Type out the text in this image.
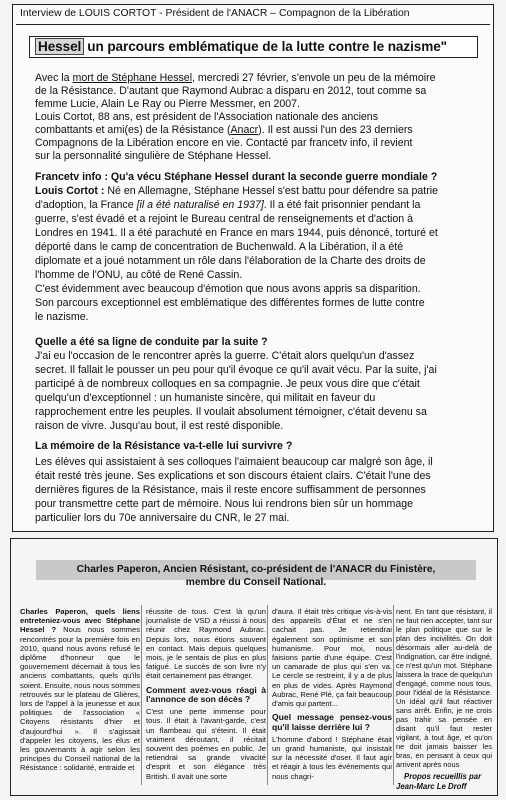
Interview de LOUIS CORTOT - Président de l'ANACR – Compagnon de la Libération
Hessel un parcours emblématique de la lutte contre le nazisme"
Avec la mort de Stéphane Hessel, mercredi 27 février, s'envole un peu de la mémoire
de la Résistance. D'autant que Raymond Aubrac a disparu en 2012, tout comme sa
femme Lucie, Alain Le Ray ou Pierre Messmer, en 2007.
Louis Cortot, 88 ans, est président de l'Association nationale des anciens
combattants et ami(es) de la Résistance (Anacr). Il est aussi l'un des 23 derniers
Compagnons de la Libération encore en vie. Contacté par francetv info, il revient
sur la personnalité singulière de Stéphane Hessel.
Francetv info : Qu'a vécu Stéphane Hessel durant la seconde guerre mondiale ?
Louis Cortot : Né en Allemagne, Stéphane Hessel s'est battu pour défendre sa patrie
d'adoption, la France [il a été naturalisé en 1937]. Il a été fait prisonnier pendant la
guerre, s'est évadé et a rejoint le Bureau central de renseignements et d'action à
Londres en 1941. Il a été parachuté en France en mars 1944, puis dénoncé, torturé et
déporté dans le camp de concentration de Buchenwald. A la Libération, il a été
diplomate et a joué notamment un rôle dans l'élaboration de la Charte des droits de
l'homme de l'ONU, au côté de René Cassin.
C'est évidemment avec beaucoup d'émotion que nous avons appris sa disparition.
Son parcours exceptionnel est emblématique des différentes formes de lutte contre
le nazisme.
Quelle a été sa ligne de conduite par la suite ?
J'ai eu l'occasion de le rencontrer après la guerre. C'était alors quelqu'un d'assez
secret. Il fallait le pousser un peu pour qu'il évoque ce qu'il avait vécu. Par la suite, j'ai
participé à de nombreux colloques en sa compagnie. Je peux vous dire que c'était
quelqu'un d'exceptionnel : un humaniste sincère, qui militait en faveur du
rapprochement entre les peuples. Il voulait absolument témoigner, c'était devenu sa
raison de vivre. Jusqu'au bout, il est resté disponible.
La mémoire de la Résistance va-t-elle lui survivre ?
Les élèves qui assistaient à ses colloques l'aimaient beaucoup car malgré son âge, il
était resté très jeune. Ses explications et son discours étaient clairs. C'était l'une des
dernières figures de la Résistance, mais il reste encore suffisamment de personnes
pour transmettre cette part de mémoire. Nous lui rendrons bien sûr un hommage
particulier lors du 70e anniversaire du CNR, le 27 mai.
Charles Paperon, Ancien Résistant, co-président de l'ANACR du Finistère,
membre du Conseil National.
Charles Paperon, quels liens entreteniez-vous avec Stéphane Hessel ? Nous nous sommes rencontrés pour la première fois en 2010, quand nous avons refusé le diplôme d'honneur que le gouvernement décernait à tous les anciens combattants, quels qu'ils soient. Ensuite, nous nous sommes retrouvés sur le plateau de Glières, lors de l'appel à la jeunesse et aux politiques de l'association « Citoyens résistants d'hier et d'aujourd'hui ». Il s'agissait d'appeler les citoyens, les élus et les gouvernants à agir selon les principes du Conseil national de la Résistance : solidarité, entraide et
réussite de tous. C'est là qu'un journaliste de VSD a réussi à nous réunir chez Raymond Aubrac. Depuis lors, nous étions souvent en contact. Mais depuis quelques mois, je le sentais de plus en plus fatigué. Le succès de son livre n'y était certainement pas étranger.
Comment avez-vous réagi à l'annonce de son décès ?
C'est une perte immense pour tous. Il était à l'avant-garde, c'est un flambeau qui s'éteint. Il était vraiment déroutant, il récitait souvent des poèmes en public. Je retiendrai sa grande vivacité d'esprit et son élégance très British. Il avait une sorte
d'aura. Il était très critique vis-à-vis des appareils d'État et ne s'en cachait pas. Je retiendrai également son optimisme et son humanisme. Pour moi, nous faisions partie d'une équipe. C'est un camarade de plus qui s'en va. Le cercle se restreint, il y a de plus en plus de vides. Après Raymond Aubrac, René Plé, ça fait beaucoup d'amis qui partent...
Quel message pensez-vous qu'il laisse derrière lui ?
L'homme d'abord ! Stéphane était un grand humaniste, qui insistait sur la nécessité d'oser. Il faut agir et réagir à tous les événements qui nous chagri-
nent. En tant que résistant, il ne faut rien accepter, tant sur le plan politique que sur le plan des incivilités. On doit désormais aller au-delà de l'indignation, car être indigné, ce n'est qu'un mot. Stéphane laissera la trace de quelqu'un d'engagé, comme nous tous, pour l'idéal de la Résistance. Un idéal qu'il faut réactiver sans arrêt. Enfin, je ne crois pas trahir sa pensée en disant qu'il faut rester vigilant, à tout âge, et qu'on ne doit jamais baisser les bras, en pensant à ceux qui arrivent après nous
Propos recueillis par
Jean-Marc Le Droff
